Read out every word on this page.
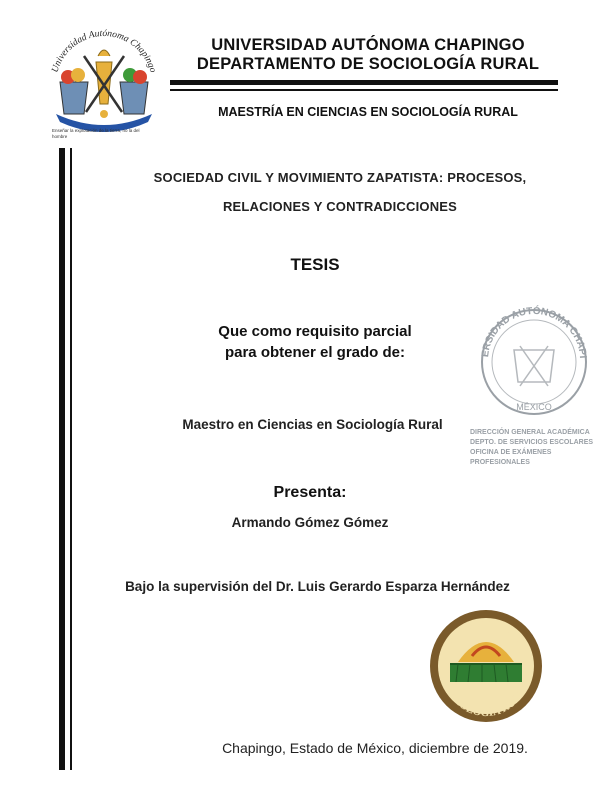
Universidad Autónoma Chapingo
Enseñar la explotación de la tierra, no la del hombre
UNIVERSIDAD AUTÓNOMA CHAPINGO
DEPARTAMENTO DE SOCIOLOGÍA RURAL
MAESTRÍA EN CIENCIAS EN SOCIOLOGÍA RURAL
SOCIEDAD CIVIL Y MOVIMIENTO ZAPATISTA: PROCESOS,
RELACIONES Y CONTRADICCIONES
TESIS
Que como requisito parcial
para obtener el grado de:
Maestro en Ciencias en Sociología Rural
ERSIDAD AUTÓNOMA CHAPI
MÉXICO
DIRECCIÓN GENERAL ACADÉMICA
DEPTO. DE SERVICIOS ESCOLARES
OFICINA DE EXÁMENES PROFESIONALES
Presenta:
Armando Gómez Gómez
Bajo la supervisión del Dr. Luis Gerardo Esparza Hernández
NIVERSIDAD AUTÓNOMA CHAPING
SOCIOLOGÍA RURAL
Chapingo, Estado de México, diciembre de 2019.
